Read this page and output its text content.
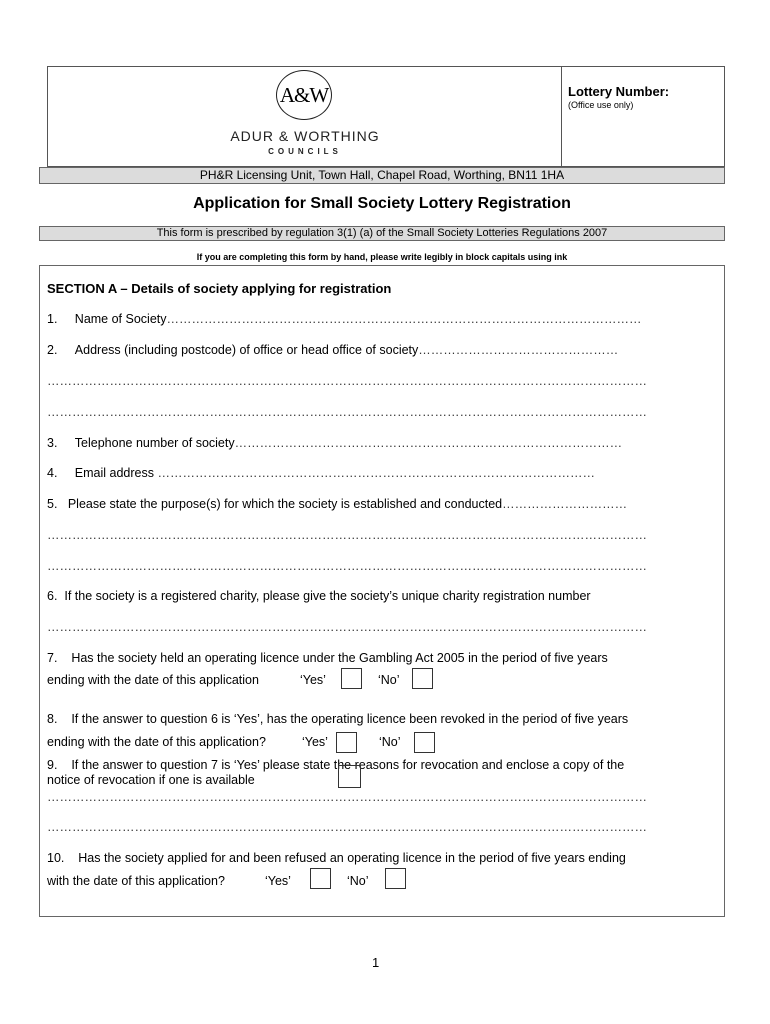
A&W
ADUR & WORTHING
COUNCILS
Lottery Number:
(Office use only)
PH&R Licensing Unit, Town Hall, Chapel Road, Worthing, BN11 1HA
Application for Small Society Lottery Registration
This form is prescribed by regulation 3(1) (a) of the Small Society Lotteries Regulations 2007
If you are completing this form by hand, please write legibly in block capitals using ink
SECTION A – Details of society applying for registration
1.     Name of Society……………………………………………………………………………………………………
2.     Address (including postcode) of office or head office of society…………………………………………
………………………………………………………………………………………………………………………………
………………………………………………………………………………………………………………………………
3.     Telephone number of society…………………………………………………………………………………
4.     Email address ……………………………………………………………………………………………
5.   Please state the purpose(s) for which the society is established and conducted…………………………
………………………………………………………………………………………………………………………………
………………………………………………………………………………………………………………………………
6.  If the society is a registered charity, please give the society’s unique charity registration number
………………………………………………………………………………………………………………………………
7.    Has the society held an operating licence under the Gambling Act 2005 in the period of five years
ending with the date of this application	‘Yes’	‘No’
8.    If the answer to question 6 is ‘Yes’, has the operating licence been revoked in the period of five years
ending with the date of this application?	‘Yes’	‘No’
9.    If the answer to question 7 is ‘Yes’ please state the reasons for revocation and enclose a copy of the
notice of revocation if one is available
………………………………………………………………………………………………………………………………
………………………………………………………………………………………………………………………………
10.    Has the society applied for and been refused an operating licence in the period of five years ending
with the date of this application?	‘Yes’	‘No’
1
